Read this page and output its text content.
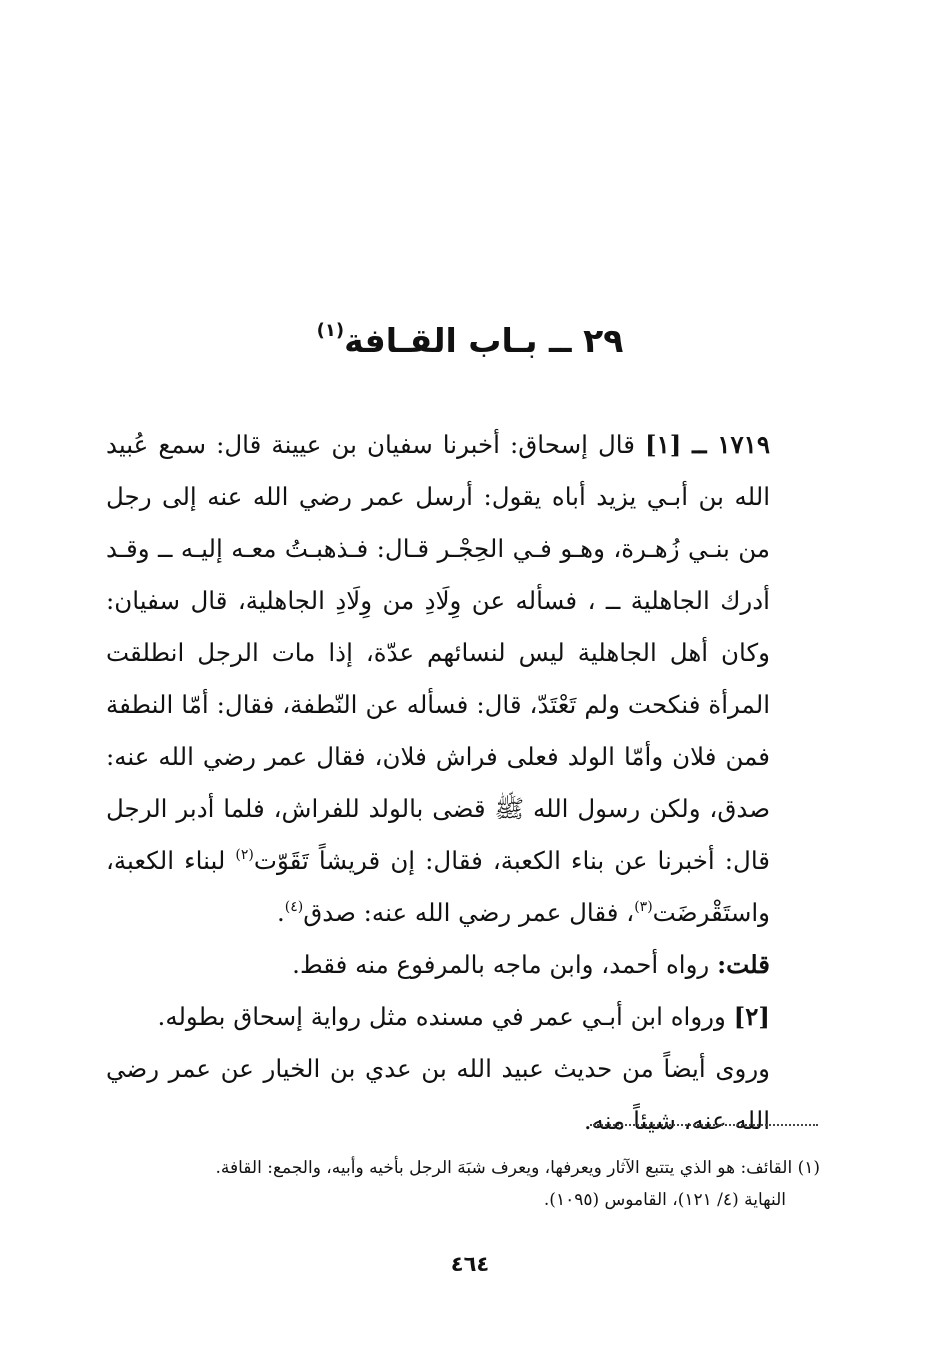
٢٩ ــ بـاب القـافة$^{(١)}$

١٧١٩ ــ [١] قال إسحاق: أخبرنا سفيان بن عيينة قال: سمع عُبيد الله بن أبـي يزيد أباه يقول: أرسل عمر رضي الله عنه إلى رجل من بنـي زُهـرة، وهـو فـي الحِجْـر قـال: فـذهبـتُ معـه إليـه ــ وقـد أدرك الجاهلية ــ ، فسأله عن وِلَادِ من وِلَادِ الجاهلية، قال سفيان: وكان أهل الجاهلية ليس لنسائهم عدّة، إذا مات الرجل انطلقت المرأة فنكحت ولم تَعْتَدّ، قال: فسأله عن النّطفة، فقال: أمّا النطفة فمن فلان وأمّا الولد فعلى فراش فلان، فقال عمر رضي الله عنه: صدق، ولكن رسول الله ﷺ قضى بالولد للفراش، فلما أدبر الرجل قال: أخبرنا عن بناء الكعبة، فقال: إن قريشاً تَقَوّت$^{(٢)}$ لبناء الكعبة، واستَقْرضَت$^{(٣)}$، فقال عمر رضي الله عنه: صدق$^{(٤)}$.

قلت: رواه أحمد، وابن ماجه بالمرفوع منه فقط.

[٢] ورواه ابن أبـي عمر في مسنده مثل رواية إسحاق بطوله.

وروى أيضاً من حديث عبيد الله بن عدي بن الخيار عن عمر رضي الله عنه، شيئاً منه.

(١) القائف: هو الذي يتتبع الآثار ويعرفها، ويعرف شبَهَ الرجل بأخيه وأبيه، والجمع: القافة.

النهاية (٤/ ١٢١)، القاموس (١٠٩٥).

٤٦٤
